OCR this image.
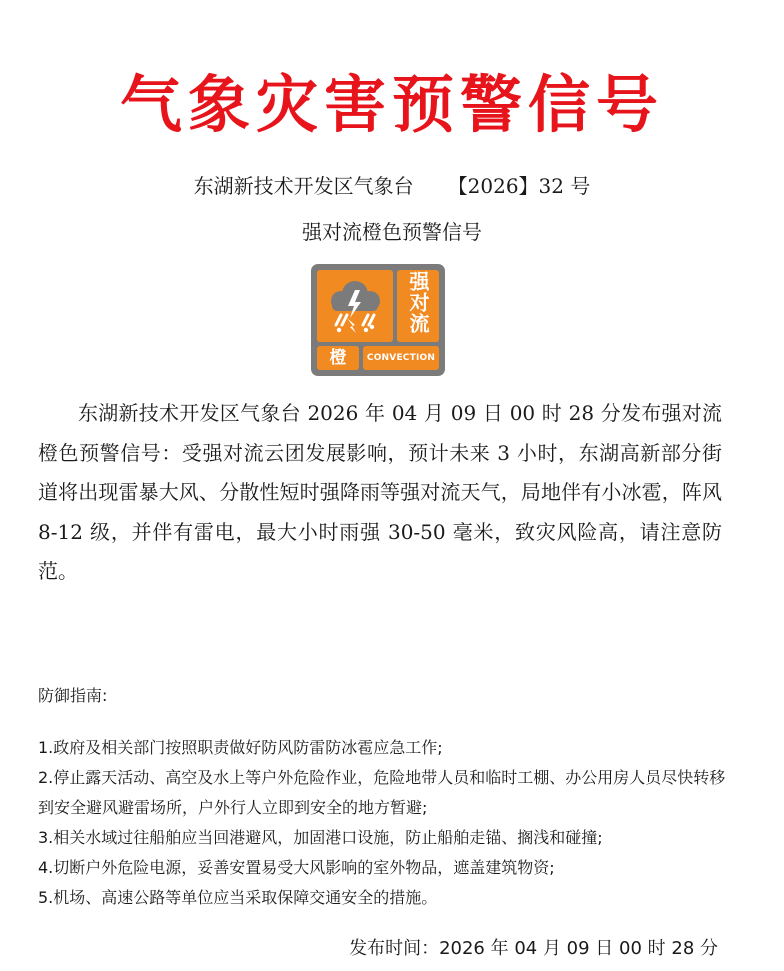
气象灾害预警信号
东湖新技术开发区气象台 【2026】32 号
强对流橙色预警信号
强对流
橙	CONVECTION
东湖新技术开发区气象台 2026 年 04 月 09 日 00 时 28 分发布强对流橙色预警信号：受强对流云团发展影响，预计未来 3 小时，东湖高新部分街道将出现雷暴大风、分散性短时强降雨等强对流天气，局地伴有小冰雹，阵风 8-12 级，并伴有雷电，最大小时雨强 30-50 毫米，致灾风险高，请注意防范。
防御指南:
1.政府及相关部门按照职责做好防风防雷防冰雹应急工作;
2.停止露天活动、高空及水上等户外危险作业，危险地带人员和临时工棚、办公用房人员尽快转移到安全避风避雷场所，户外行人立即到安全的地方暂避;
3.相关水域过往船舶应当回港避风，加固港口设施，防止船舶走锚、搁浅和碰撞;
4.切断户外危险电源，妥善安置易受大风影响的室外物品，遮盖建筑物资;
5.机场、高速公路等单位应当采取保障交通安全的措施。
发布时间：2026 年 04 月 09 日 00 时 28 分
